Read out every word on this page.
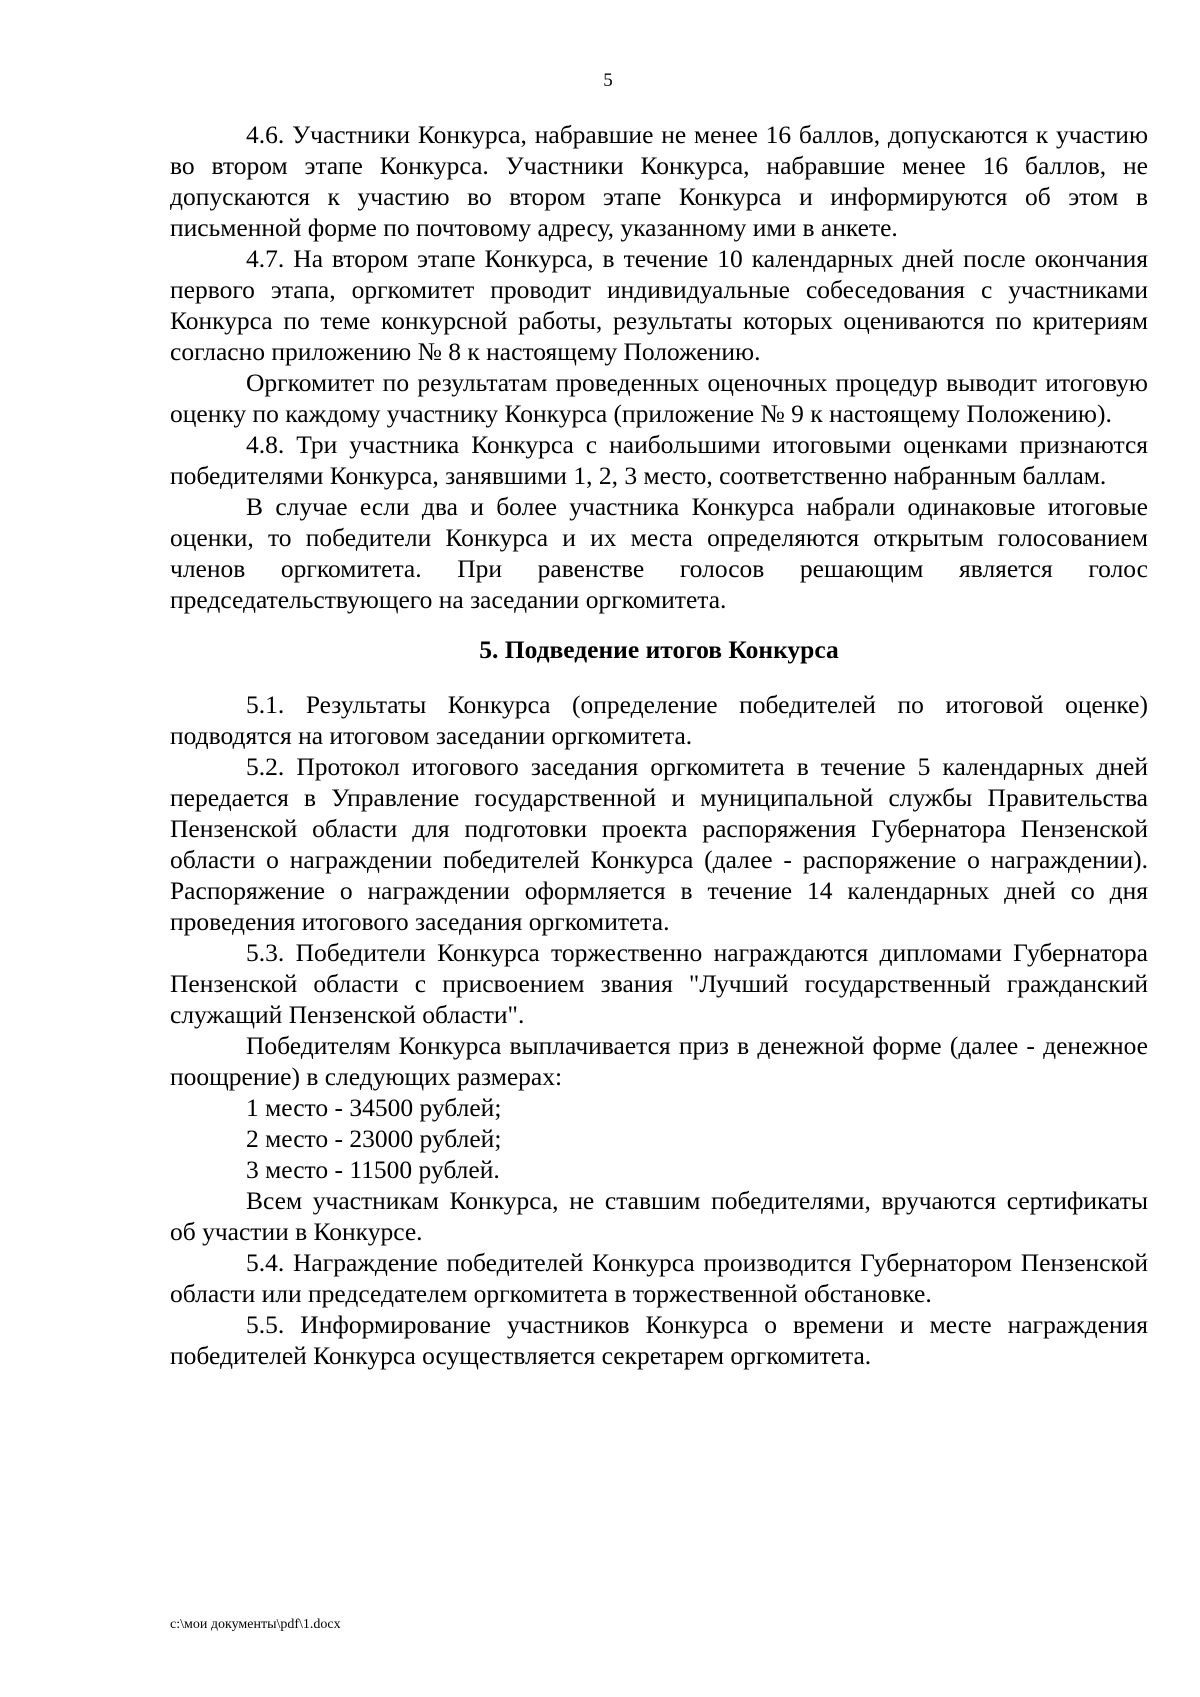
5

4.6. Участники Конкурса, набравшие не менее 16 баллов, допускаются к участию во втором этапе Конкурса. Участники Конкурса, набравшие менее 16 баллов, не допускаются к участию во втором этапе Конкурса и информируются об этом в письменной форме по почтовому адресу, указанному ими в анкете.

4.7. На втором этапе Конкурса, в течение 10 календарных дней после окончания первого этапа, оргкомитет проводит индивидуальные собеседования с участниками Конкурса по теме конкурсной работы, результаты которых оцениваются по критериям согласно приложению № 8 к настоящему Положению.

Оргкомитет по результатам проведенных оценочных процедур выводит итоговую оценку по каждому участнику Конкурса (приложение № 9 к настоящему Положению).

4.8. Три участника Конкурса с наибольшими итоговыми оценками признаются победителями Конкурса, занявшими 1, 2, 3 место, соответственно набранным баллам.

В случае если два и более участника Конкурса набрали одинаковые итоговые оценки, то победители Конкурса и их места определяются открытым голосованием членов оргкомитета. При равенстве голосов решающим является голос председательствующего на заседании оргкомитета.

5. Подведение итогов Конкурса

5.1. Результаты Конкурса (определение победителей по итоговой оценке) подводятся на итоговом заседании оргкомитета.

5.2. Протокол итогового заседания оргкомитета в течение 5 календарных дней передается в Управление государственной и муниципальной службы Правительства Пензенской области для подготовки проекта распоряжения Губернатора Пензенской области о награждении победителей Конкурса (далее - распоряжение о награждении). Распоряжение о награждении оформляется в течение 14 календарных дней со дня проведения итогового заседания оргкомитета.

5.3. Победители Конкурса торжественно награждаются дипломами Губернатора Пензенской области с присвоением звания "Лучший государственный гражданский служащий Пензенской области".

Победителям Конкурса выплачивается приз в денежной форме (далее - денежное поощрение) в следующих размерах:

1 место - 34500 рублей;

2 место - 23000 рублей;

3 место - 11500 рублей.

Всем участникам Конкурса, не ставшим победителями, вручаются сертификаты об участии в Конкурсе.

5.4. Награждение победителей Конкурса производится Губернатором Пензенской области или председателем оргкомитета в торжественной обстановке.

5.5. Информирование участников Конкурса о времени и месте награждения победителей Конкурса осуществляется секретарем оргкомитета.

c:\мои документы\pdf\1.docx
